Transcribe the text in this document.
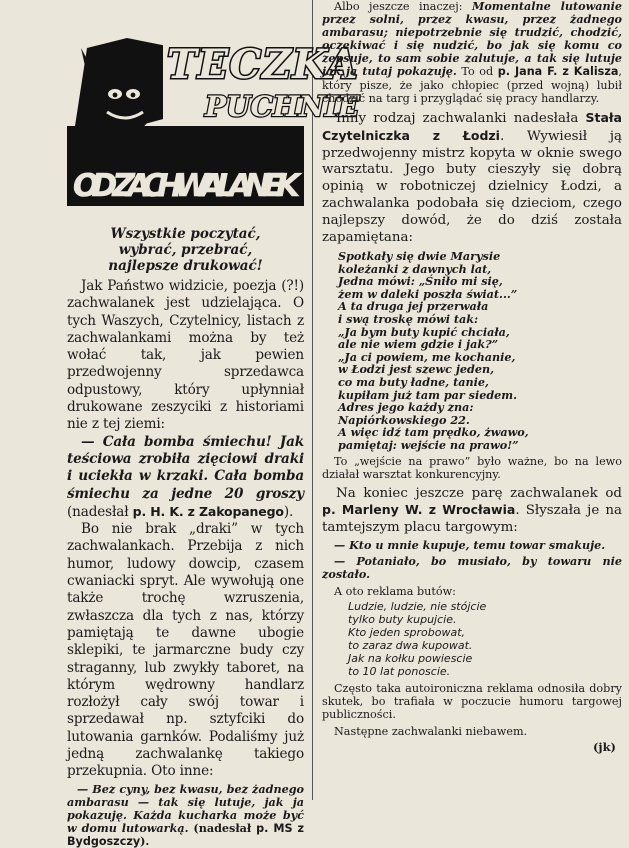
TECZKA
PUCHNIE
OD ZACHWALANEK
Wszystkie poczytać,
wybrać, przebrać,
najlepsze drukować!

Jak Państwo widzicie, poezja (?!) zachwalanek jest udzielająca. O tych Waszych, Czytelnicy, listach z zachwalankami można by też wołać tak, jak pewien przedwojenny sprzedawca odpustowy, który upłynniał drukowane zeszyciki z historiami nie z tej ziemi:

— Cała bomba śmiechu! Jak teściowa zrobiła zięciowi draki i uciekła w krzaki. Cała bomba śmiechu za jedne 20 groszy (nadesłał p. H. K. z Zakopanego).

Bo nie brak „draki” w tych zachwalankach. Przebija z nich humor, ludowy dowcip, czasem cwaniacki spryt. Ale wywołują one także trochę wzruszenia, zwłaszcza dla tych z nas, którzy pamiętają te dawne ubogie sklepiki, te jarmarczne budy czy straganny, lub zwykły taboret, na którym wędrowny handlarz rozłożył cały swój towar i sprzedawał np. sztyfciki do lutowania garnków. Podaliśmy już jedną zachwalankę takiego przekupnia. Oto inne:

— Bez cyny, bez kwasu, bez żadnego ambarasu — tak się lutuje, jak ja pokazuję. Każda kucharka może być w domu lutowarką. (nadesłał p. MS z Bydgoszczy).

Albo jeszcze inaczej: Momentalne lutowanie przez solni, przez kwasu, przez żadnego ambarasu; niepotrzebnie się trudzić, chodzić, oczekiwać i się nudzić, bo jak się komu co zepsuje, to sam sobie zalutuje, a tak się lutuje jak ja tutaj pokazuję. To od p. Jana F. z Kalisza, który pisze, że jako chłopiec (przed wojną) lubił chodzić na targ i przyglądać się pracy handlarzy.

Inny rodzaj zachwalanki nadesłała Stała Czytelniczka z Łodzi. Wywiesił ją przedwojenny mistrz kopyta w oknie swego warsztatu. Jego buty cieszyły się dobrą opinią w robotniczej dzielnicy Łodzi, a zachwalanka podobała się dzieciom, czego najlepszy dowód, że do dziś została zapamiętana:

Spotkały się dwie Marysie
koleżanki z dawnych lat,
Jedna mówi: „Śniło mi się,
żem w daleki poszła świat...”
A ta druga jej przerwała
i swą troskę mówi tak:
„Ja bym buty kupić chciała,
ale nie wiem gdzie i jak?”
„Ja ci powiem, me kochanie,
w Łodzi jest szewc jeden,
co ma buty ładne, tanie,
kupiłam już tam par siedem.
Adres jego każdy zna:
Napiórkowskiego 22.
A więc idź tam prędko, żwawo,
pamiętaj: wejście na prawo!”

To „wejście na prawo” było ważne, bo na lewo działał warsztat konkurencyjny.

Na koniec jeszcze parę zachwalanek od p. Marleny W. z Wrocławia. Słyszała je na tamtejszym placu targowym:

— Kto u mnie kupuje, temu towar smakuje.

— Potaniało, bo musiało, by towaru nie zostało.

A oto reklama butów:

Ludzie, ludzie, nie stójcie
tylko buty kupujcie.
Kto jeden sprobowat,
to zaraz dwa kupowat.
Jak na kołku powiescie
to 10 lat ponoscie.

Często taka autoironiczna reklama odnosiła dobry skutek, bo trafiała w poczucie humoru targowej publiczności.

Następne zachwalanki niebawem.

(jk)
